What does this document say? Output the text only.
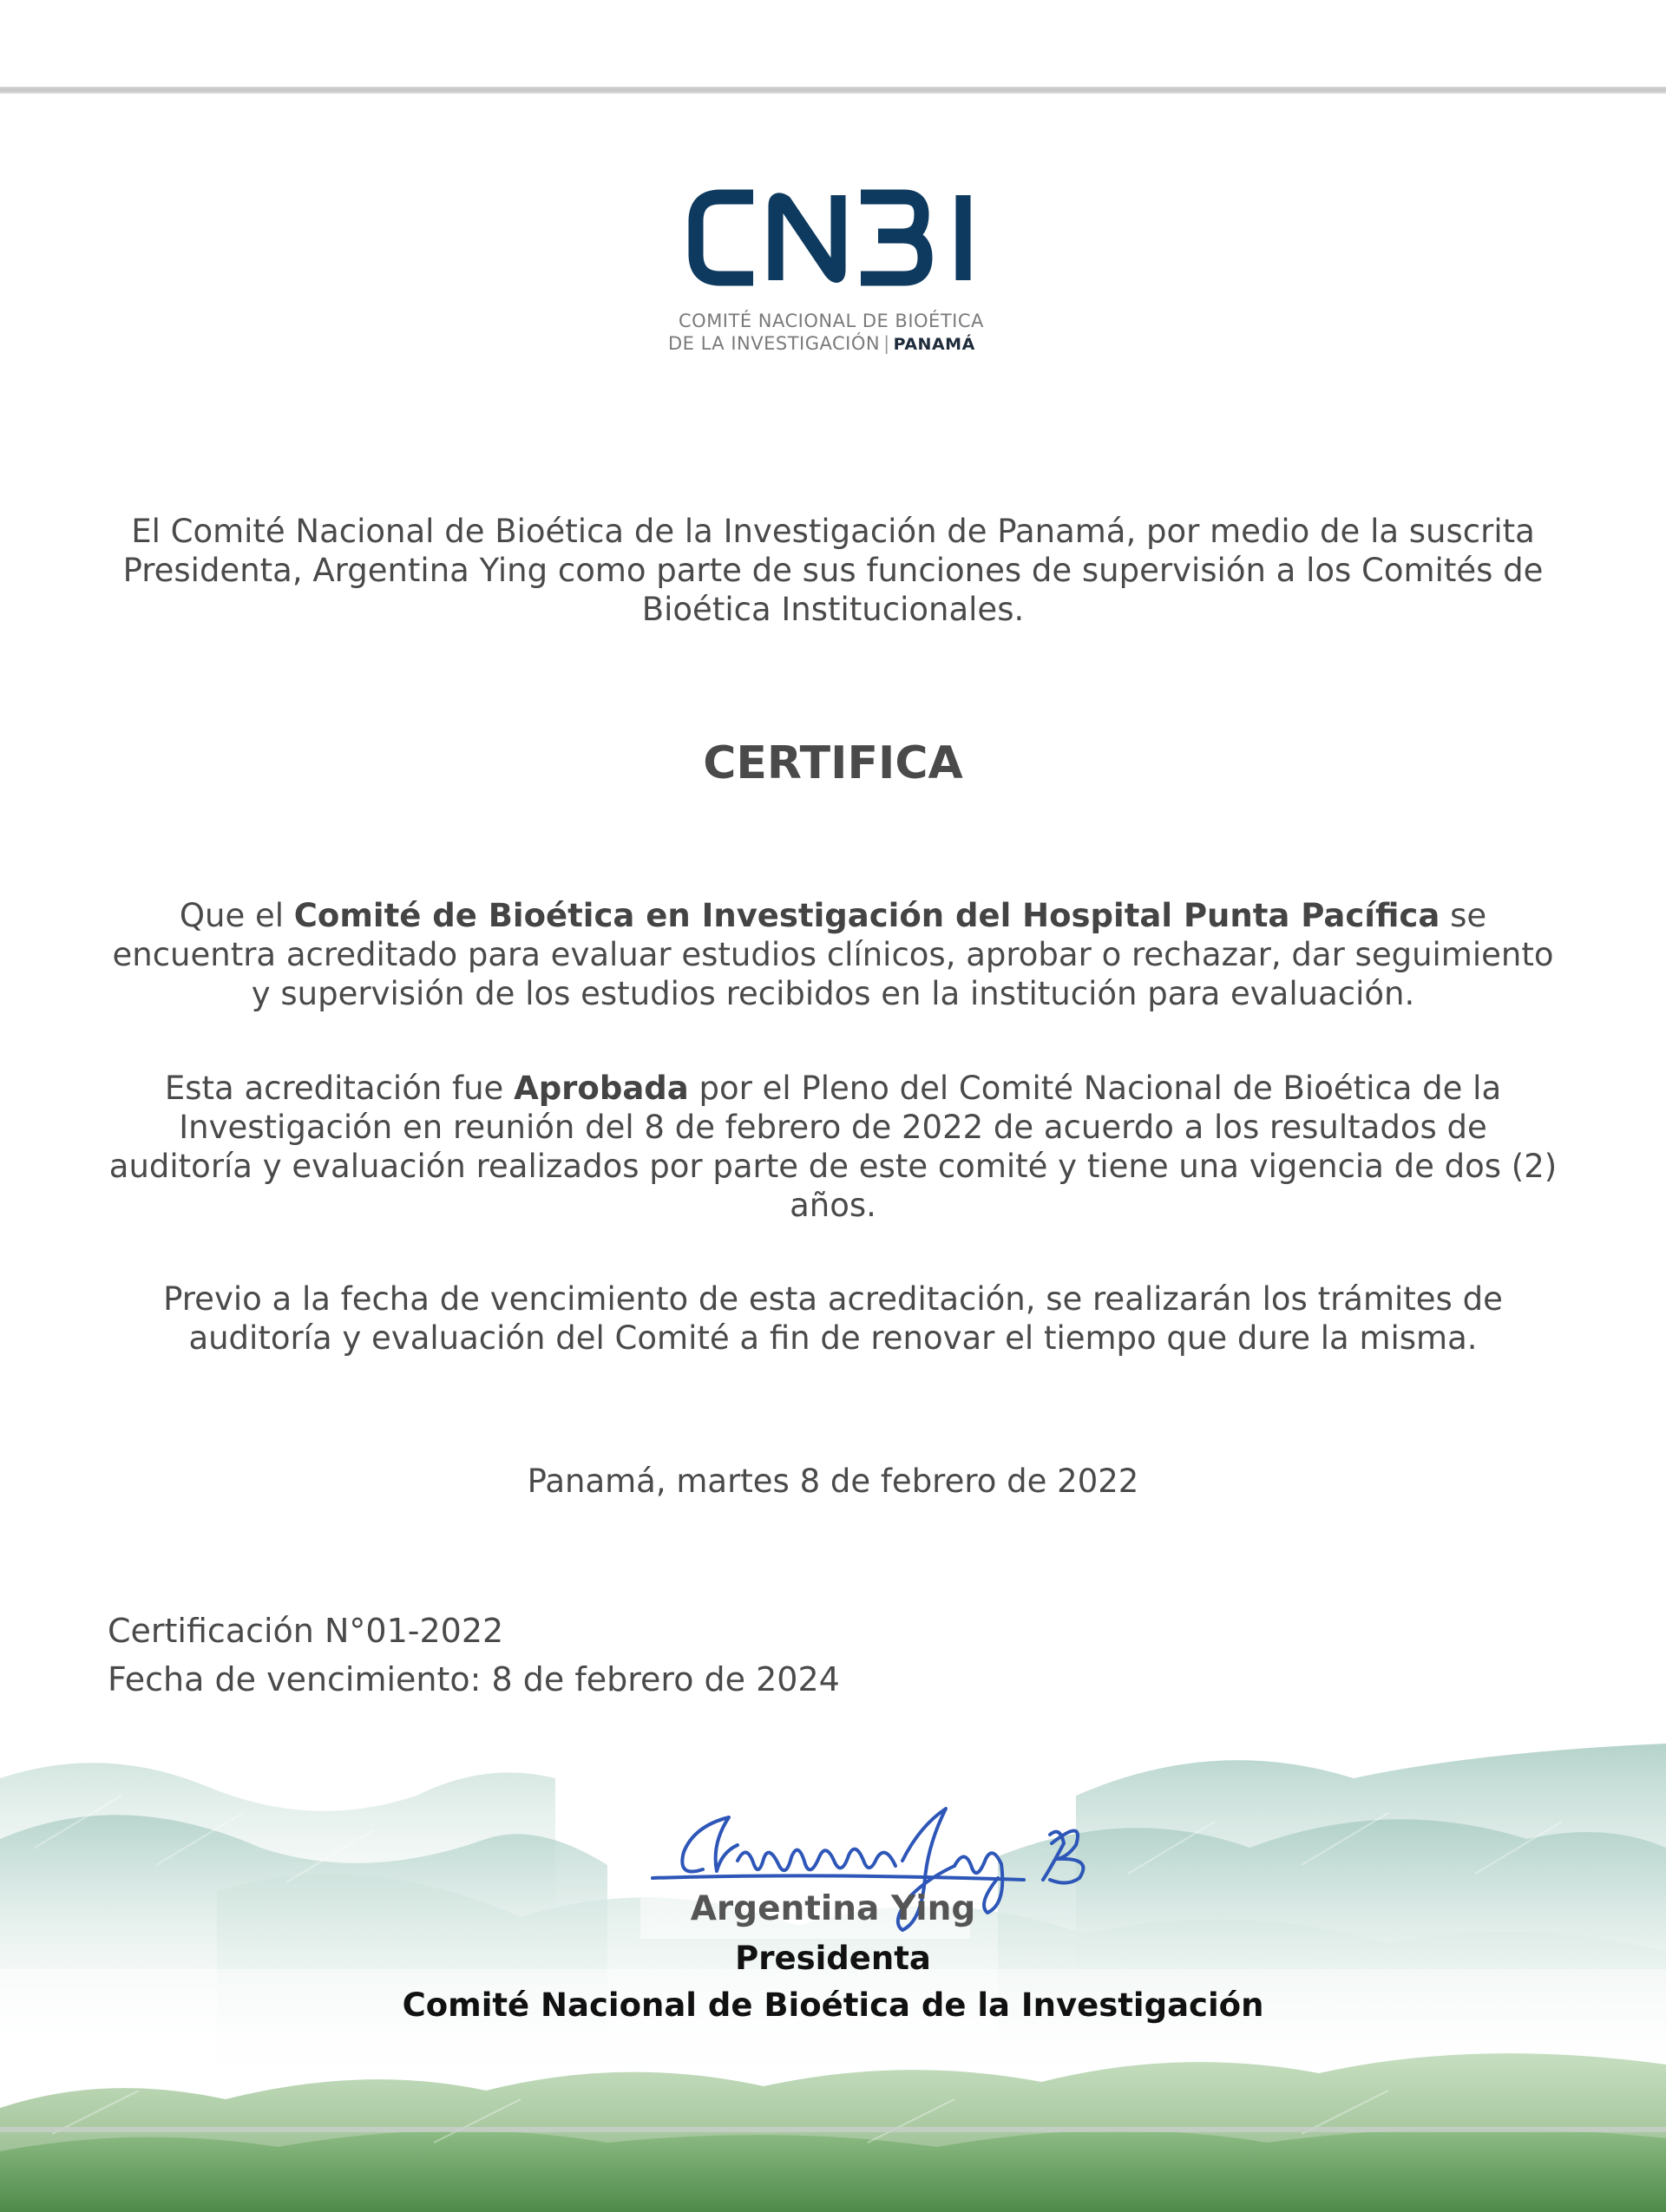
COMITÉ NACIONAL DE BIOÉTICA
DE LA INVESTIGACIÓN | PANAMÁ
El Comité Nacional de Bioética de la Investigación de Panamá, por medio de la suscrita Presidenta, Argentina Ying como parte de sus funciones de supervisión a los Comités de Bioética Institucionales.
CERTIFICA
Que el Comité de Bioética en Investigación del Hospital Punta Pacífica se encuentra acreditado para evaluar estudios clínicos, aprobar o rechazar, dar seguimiento y supervisión de los estudios recibidos en la institución para evaluación.
Esta acreditación fue Aprobada por el Pleno del Comité Nacional de Bioética de la Investigación en reunión del 8 de febrero de 2022 de acuerdo a los resultados de auditoría y evaluación realizados por parte de este comité y tiene una vigencia de dos (2) años.
Previo a la fecha de vencimiento de esta acreditación, se realizarán los trámites de auditoría y evaluación del Comité a fin de renovar el tiempo que dure la misma.
Panamá, martes 8 de febrero de 2022
Certificación N°01-2022
Fecha de vencimiento: 8 de febrero de 2024
Argentina Ying
Presidenta
Comité Nacional de Bioética de la Investigación
